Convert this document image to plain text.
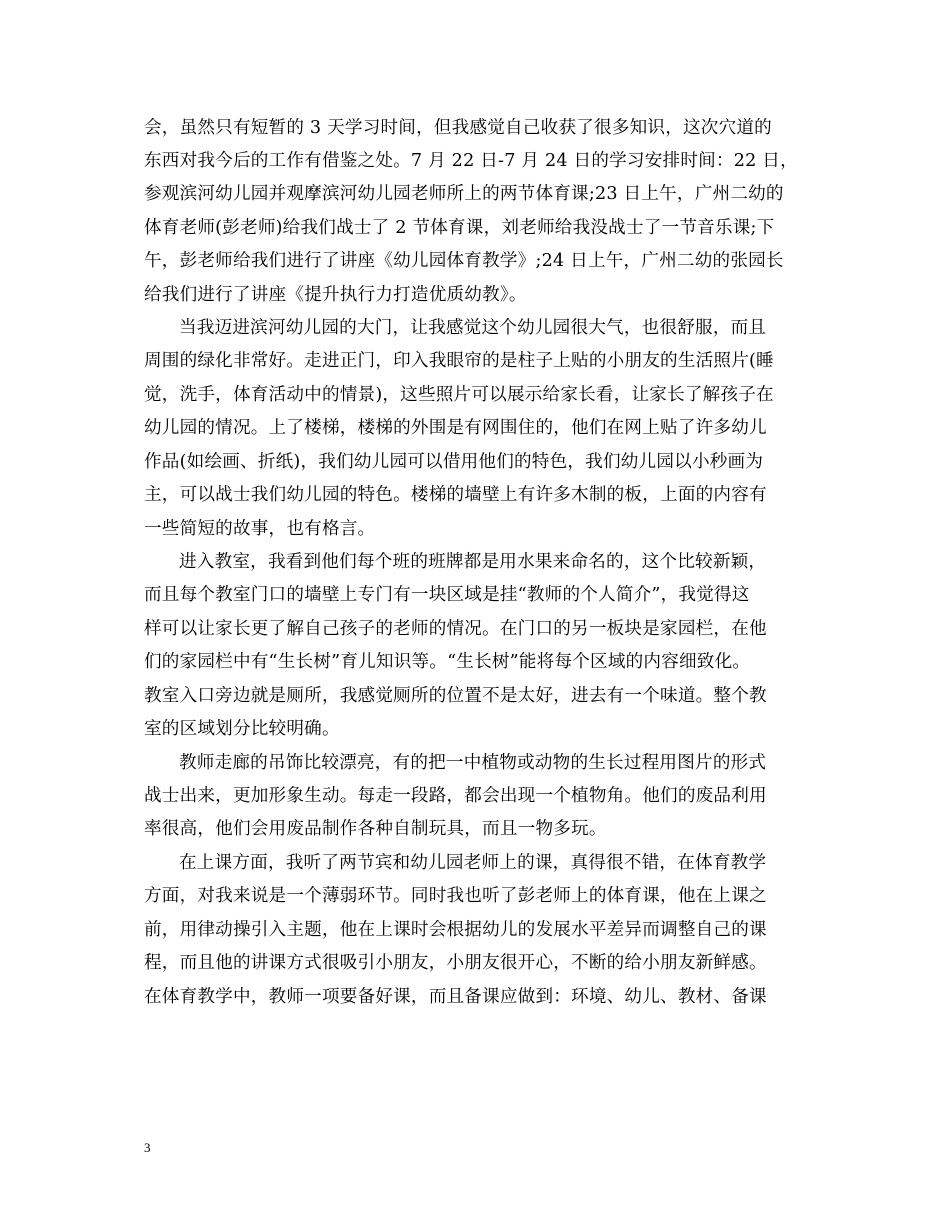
会，虽然只有短暂的 3 天学习时间，但我感觉自己收获了很多知识，这次穴道的
东西对我今后的工作有借鉴之处。7 月 22 日-7 月 24 日的学习安排时间：22 日，
参观滨河幼儿园并观摩滨河幼儿园老师所上的两节体育课;23 日上午，广州二幼的
体育老师(彭老师)给我们战士了 2 节体育课，刘老师给我没战士了一节音乐课;下
午，彭老师给我们进行了讲座《幼儿园体育教学》;24 日上午，广州二幼的张园长
给我们进行了讲座《提升执行力打造优质幼教》。
当我迈进滨河幼儿园的大门，让我感觉这个幼儿园很大气，也很舒服，而且
周围的绿化非常好。走进正门，印入我眼帘的是柱子上贴的小朋友的生活照片(睡
觉，洗手，体育活动中的情景)，这些照片可以展示给家长看，让家长了解孩子在
幼儿园的情况。上了楼梯，楼梯的外围是有网围住的，他们在网上贴了许多幼儿
作品(如绘画、折纸)，我们幼儿园可以借用他们的特色，我们幼儿园以小秒画为
主，可以战士我们幼儿园的特色。楼梯的墙壁上有许多木制的板，上面的内容有
一些简短的故事，也有格言。
进入教室，我看到他们每个班的班牌都是用水果来命名的，这个比较新颖，
而且每个教室门口的墙壁上专门有一块区域是挂“教师的个人简介”，我觉得这
样可以让家长更了解自己孩子的老师的情况。在门口的另一板块是家园栏，在他
们的家园栏中有“生长树”育儿知识等。“生长树”能将每个区域的内容细致化。
教室入口旁边就是厕所，我感觉厕所的位置不是太好，进去有一个味道。整个教
室的区域划分比较明确。
教师走廊的吊饰比较漂亮，有的把一中植物或动物的生长过程用图片的形式
战士出来，更加形象生动。每走一段路，都会出现一个植物角。他们的废品利用
率很高，他们会用废品制作各种自制玩具，而且一物多玩。
在上课方面，我听了两节宾和幼儿园老师上的课，真得很不错，在体育教学
方面，对我来说是一个薄弱环节。同时我也听了彭老师上的体育课，他在上课之
前，用律动操引入主题，他在上课时会根据幼儿的发展水平差异而调整自己的课
程，而且他的讲课方式很吸引小朋友，小朋友很开心，不断的给小朋友新鲜感。
在体育教学中，教师一项要备好课，而且备课应做到：环境、幼儿、教材、备课
3
